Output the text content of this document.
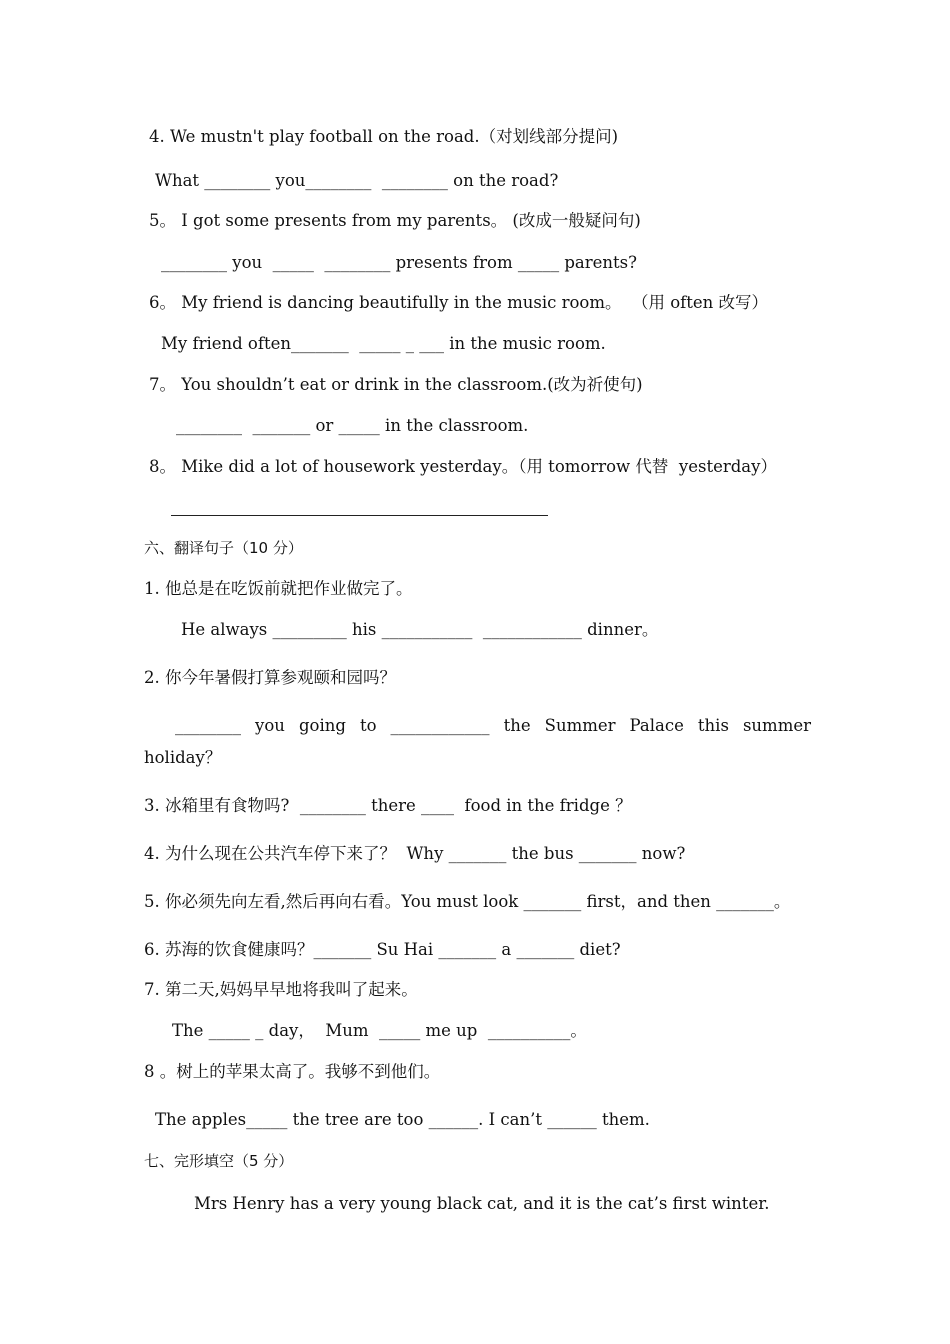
4. We mustn't play football on the road.（对划线部分提问)
What ________ you________  ________ on the road?
5。 I got some presents from my parents。 (改成一般疑问句)
________ you  _____  ________ presents from _____ parents?
6。 My friend is dancing beautifully in the music room。  （用 often 改写）
My friend often_______  _____ _ ___ in the music room.
7。 You shouldn’t eat or drink in the classroom.(改为祈使句)
________  _______ or _____ in the classroom.
8。 Mike did a lot of housework yesterday。（用 tomorrow 代替  yesterday）
六、翻译句子（10 分）
1. 他总是在吃饭前就把作业做完了。
He always _________ his ___________  ____________ dinner。
2. 你今年暑假打算参观颐和园吗？
________ you going to ____________ the Summer Palace this summer
holiday？
3. 冰箱里有食物吗?  ________ there ____  food in the fridge ？
4. 为什么现在公共汽车停下来了？  Why _______ the bus _______ now?
5. 你必须先向左看,然后再向右看。You must look _______ first，and then _______。
6. 苏海的饮食健康吗？_______ Su Hai _______ a _______ diet?
7. 第二天,妈妈早早地将我叫了起来。
The _____ _ day，  Mum  _____ me up  __________。
8 。树上的苹果太高了。我够不到他们。
The apples_____ the tree are too ______. I can’t ______ them.
七、完形填空（5 分）
Mrs Henry has a very young black cat, and it is the cat’s first winter.
